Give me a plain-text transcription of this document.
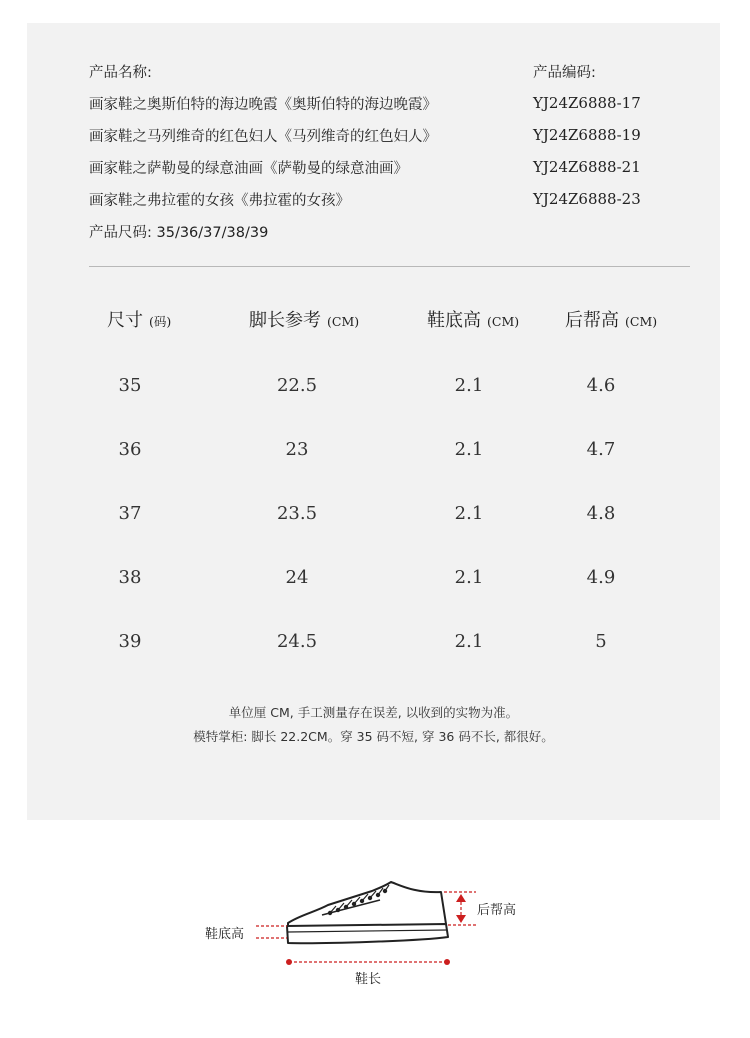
产品名称:	产品编码:
画家鞋之奥斯伯特的海边晚霞《奥斯伯特的海边晚霞》	YJ24Z6888-17
画家鞋之马列维奇的红色妇人《马列维奇的红色妇人》	YJ24Z6888-19
画家鞋之萨勒曼的绿意油画《萨勒曼的绿意油画》	YJ24Z6888-21
画家鞋之弗拉霍的女孩《弗拉霍的女孩》	YJ24Z6888-23
产品尺码: 35/36/37/38/39
尺寸 (码)	脚长参考 (CM)	鞋底高 (CM)	后帮高 (CM)
35	22.5	2.1	4.6
36	23	2.1	4.7
37	23.5	2.1	4.8
38	24	2.1	4.9
39	24.5	2.1	5
单位厘 CM, 手工测量存在误差, 以收到的实物为准。
模特掌柜: 脚长 22.2CM。穿 35 码不短, 穿 36 码不长, 都很好。
后帮高
鞋底高
鞋长
